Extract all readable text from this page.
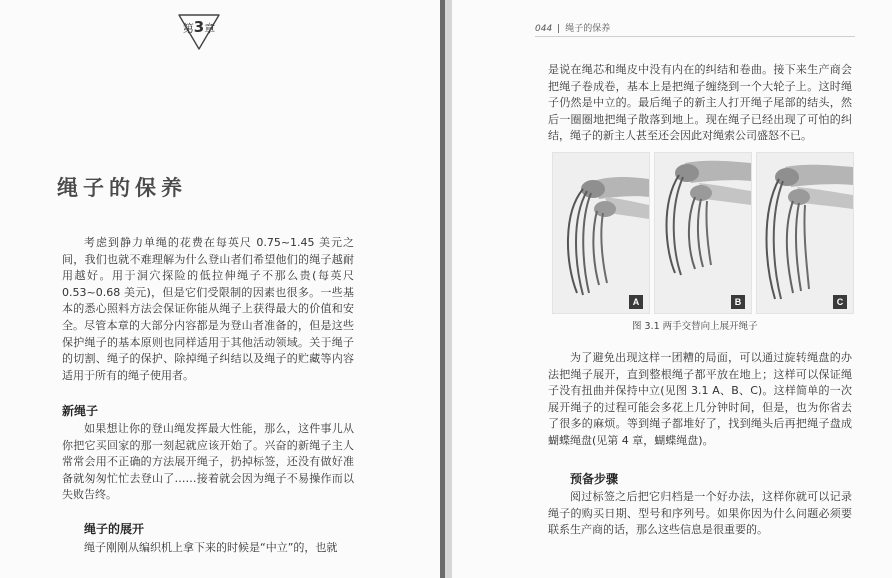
第3章
绳子的保养

考虑到静力单绳的花费在每英尺 0.75~1.45 美元之间，我们也就不难理解为什么登山者们希望他们的绳子越耐用越好。用于洞穴探险的低拉伸绳子不那么贵(每英尺 0.53~0.68 美元)，但是它们受限制的因素也很多。一些基本的悉心照料方法会保证你能从绳子上获得最大的价值和安全。 尽管本章的大部分内容都是为登山者准备的，但是这些保护绳子的基本原则也同样适用于其他活动领域。关于绳子的切割、绳子的保护、除掉绳子纠结以及绳子的贮藏等内容适用于所有的绳子使用者。

新绳子

如果想让你的登山绳发挥最大性能，那么，这件事儿从你把它买回家的那一刻起就应该开始了。兴奋的新绳子主人常常会用不正确的方法展开绳子，扔掉标签，还没有做好准备就匆匆忙忙去登山了……接着就会因为绳子不易操作而以失败告终。

绳子的展开

绳子刚刚从编织机上拿下来的时候是“中立”的，也就

044 绳子的保养

是说在绳芯和绳皮中没有内在的纠结和卷曲。接下来生产商会把绳子卷成卷，基本上是把绳子缠绕到一个大轮子上。这时绳子仍然是中立的。最后绳子的新主人打开绳子尾部的结头，然后一圈圈地把绳子散落到地上。现在绳子已经出现了可怕的纠结，绳子的新主人甚至还会因此对绳索公司盛怒不已。

A	B	C
图 3.1 两手交替向上展开绳子

为了避免出现这样一团糟的局面，可以通过旋转绳盘的办法把绳子展开，直到整根绳子都平放在地上；这样可以保证绳子没有扭曲并保持中立(见图 3.1 A、B、C)。这样简单的一次展开绳子的过程可能会多花上几分钟时间，但是，也为你省去了很多的麻烦。等到绳子都堆好了，找到绳头后再把绳子盘成蝴蝶绳盘(见第 4 章，蝴蝶绳盘)。

预备步骤

阅过标签之后把它归档是一个好办法，这样你就可以记录绳子的购买日期、型号和序列号。如果你因为什么问题必须要联系生产商的话，那么这些信息是很重要的。
